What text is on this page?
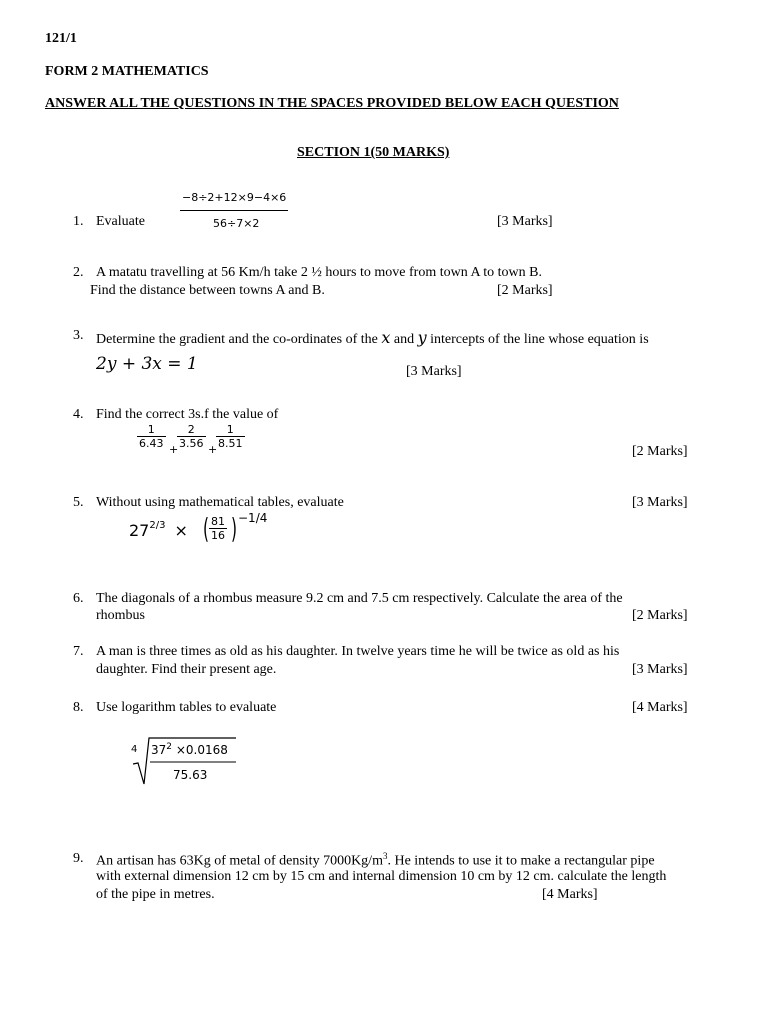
121/1
FORM 2 MATHEMATICS
ANSWER ALL THE QUESTIONS IN THE SPACES PROVIDED BELOW EACH QUESTION
SECTION 1(50 MARKS)
1. Evaluate	$\frac{-8\div 2+12\times 9-4\times 6}{56\div 7\times 2}$	[3 Marks]
2. A matatu travelling at 56 Km/h take 2 ½ hours to move from town A to town B.
Find the distance between towns A and B.	[2 Marks]
3. Determine the gradient and the co-ordinates of the x and y intercepts of the line whose equation is
2y + 3x = 1	[3 Marks]
4. Find the correct 3s.f the value of
$\frac{1}{6.43}$ +
$\frac{2}{3.56}$ +
$\frac{1}{8.51}$
[2 Marks]
5. Without using mathematical tables, evaluate	[3 Marks]
$27^{2/3}$ × ( $\frac{81}{16}$ ) −1/4
6. The diagonals of a rhombus measure 9.2 cm and 7.5 cm respectively. Calculate the area of the
rhombus	[2 Marks]
7. A man is three times as old as his daughter. In twelve years time he will be twice as old as his
daughter. Find their present age.	[3 Marks]
8. Use logarithm tables to evaluate	[4 Marks]
4 $37^2 \times 0.0168$
75.63
9. An artisan has 63Kg of metal of density $7000Kg/m^3$. He intends to use it to make a rectangular pipe
with external dimension 12 cm by 15 cm and internal dimension 10 cm by 12 cm. calculate the length
of the pipe in metres.	[4 Marks]
